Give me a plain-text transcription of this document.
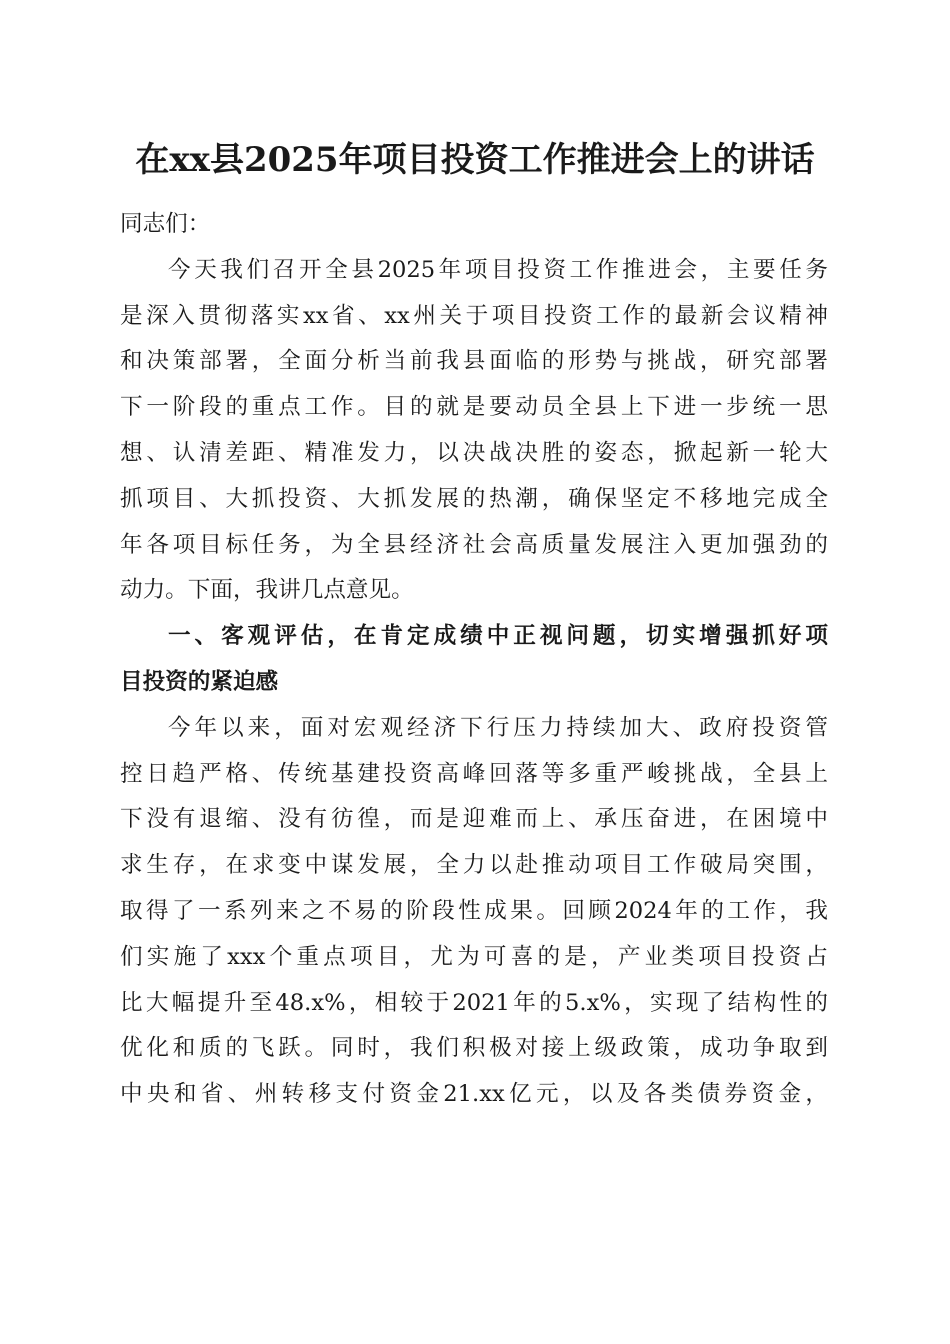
在xx县2025年项目投资工作推进会上的讲话
同志们：
今天我们召开全县2025年项目投资工作推进会，主要任务
是深入贯彻落实xx省、xx州关于项目投资工作的最新会议精神
和决策部署，全面分析当前我县面临的形势与挑战，研究部署
下一阶段的重点工作。目的就是要动员全县上下进一步统一思
想、认清差距、精准发力，以决战决胜的姿态，掀起新一轮大
抓项目、大抓投资、大抓发展的热潮，确保坚定不移地完成全
年各项目标任务，为全县经济社会高质量发展注入更加强劲的
动力。下面，我讲几点意见。
一、客观评估，在肯定成绩中正视问题，切实增强抓好项
目投资的紧迫感
今年以来，面对宏观经济下行压力持续加大、政府投资管
控日趋严格、传统基建投资高峰回落等多重严峻挑战，全县上
下没有退缩、没有彷徨，而是迎难而上、承压奋进，在困境中
求生存，在求变中谋发展，全力以赴推动项目工作破局突围，
取得了一系列来之不易的阶段性成果。回顾2024年的工作，我
们实施了xxx个重点项目，尤为可喜的是，产业类项目投资占
比大幅提升至48.x%，相较于2021年的5.x%，实现了结构性的
优化和质的飞跃。同时，我们积极对接上级政策，成功争取到
中央和省、州转移支付资金21.xx亿元，以及各类债券资金，
